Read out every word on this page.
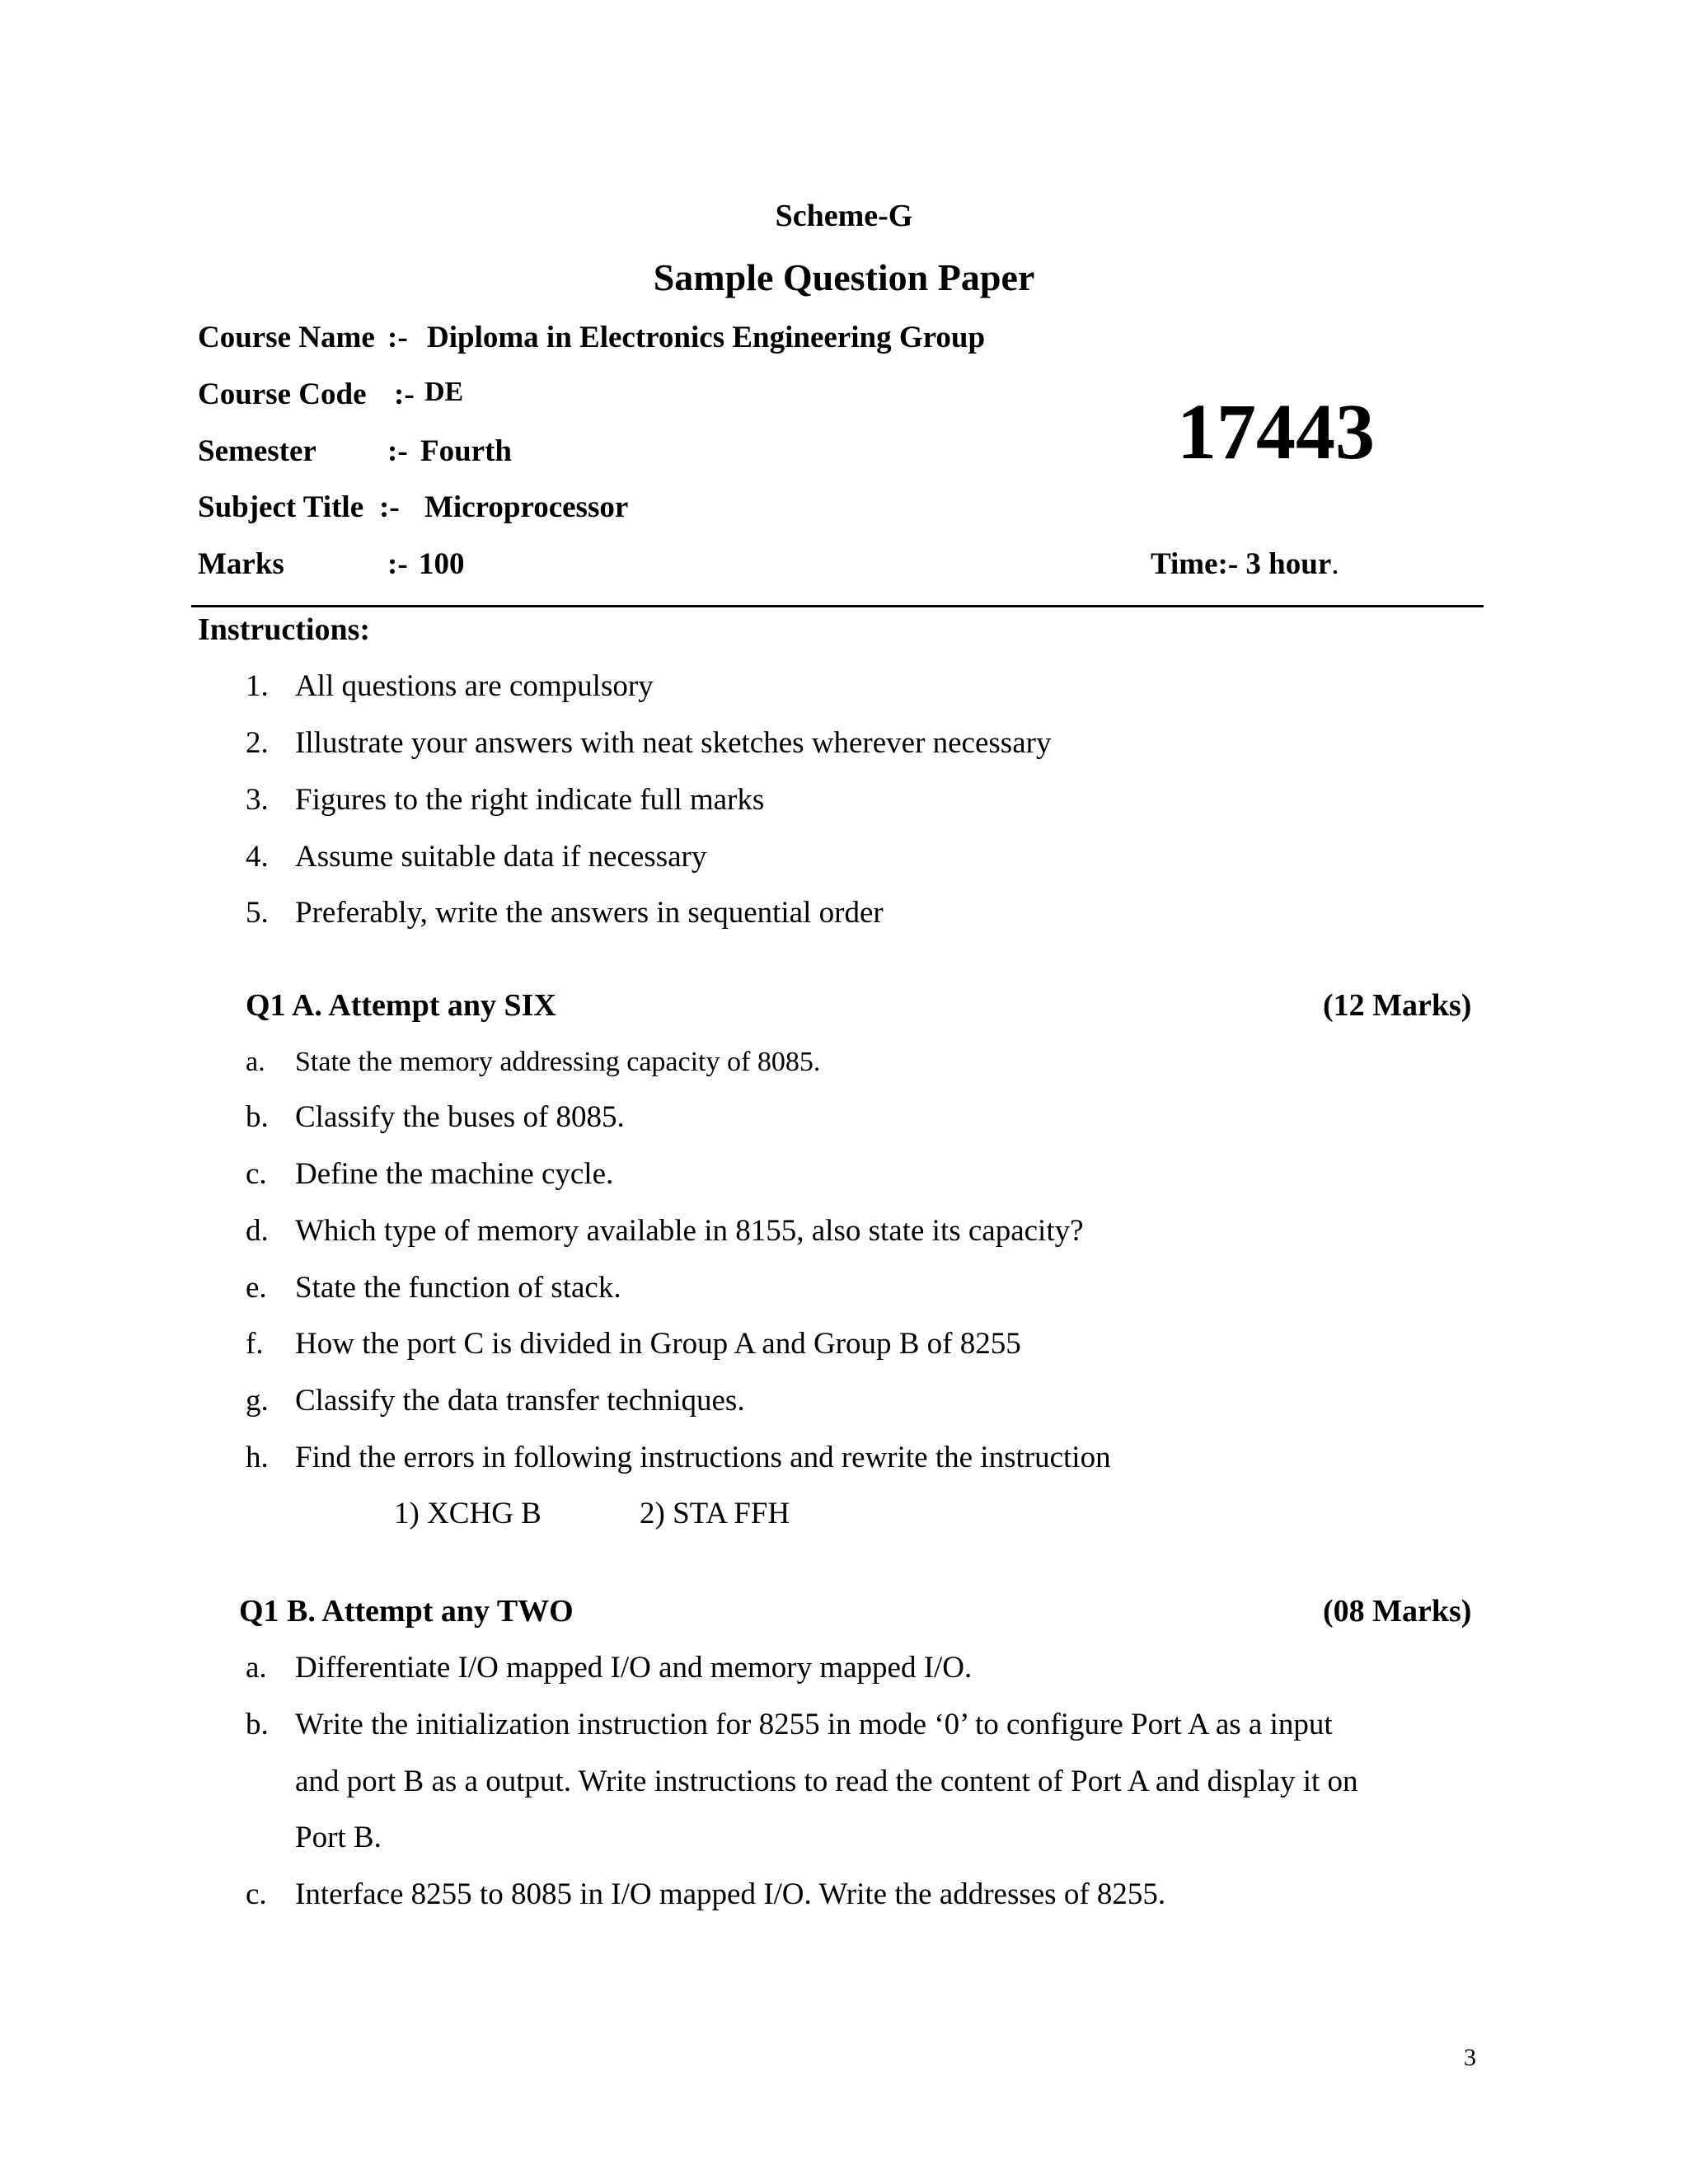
Scheme-G
Sample Question Paper
Course Name :- Diploma in Electronics Engineering Group
Course Code :- DE
Semester :- Fourth
Subject Title :- Microprocessor
Marks	:- 100
17443
Time:- 3 hour.
Instructions:
1. All questions are compulsory
2. Illustrate your answers with neat sketches wherever necessary
3. Figures to the right indicate full marks
4. Assume suitable data if necessary
5. Preferably, write the answers in sequential order
Q1 A. Attempt any SIX	(12 Marks)
a. State the memory addressing capacity of 8085.
b. Classify the buses of 8085.
c. Define the machine cycle.
d. Which type of memory available in 8155, also state its capacity?
e. State the function of stack.
f. How the port C is divided in Group A and Group B of 8255
g. Classify the data transfer techniques.
h. Find the errors in following instructions and rewrite the instruction
1) XCHG B	2) STA FFH
Q1 B. Attempt any TWO	(08 Marks)
a. Differentiate I/O mapped I/O and memory mapped I/O.
b. Write the initialization instruction for 8255 in mode ‘0’ to configure Port A as a input
and port B as a output. Write instructions to read the content of Port A and display it on
Port B.
c. Interface 8255 to 8085 in I/O mapped I/O. Write the addresses of 8255.
3
